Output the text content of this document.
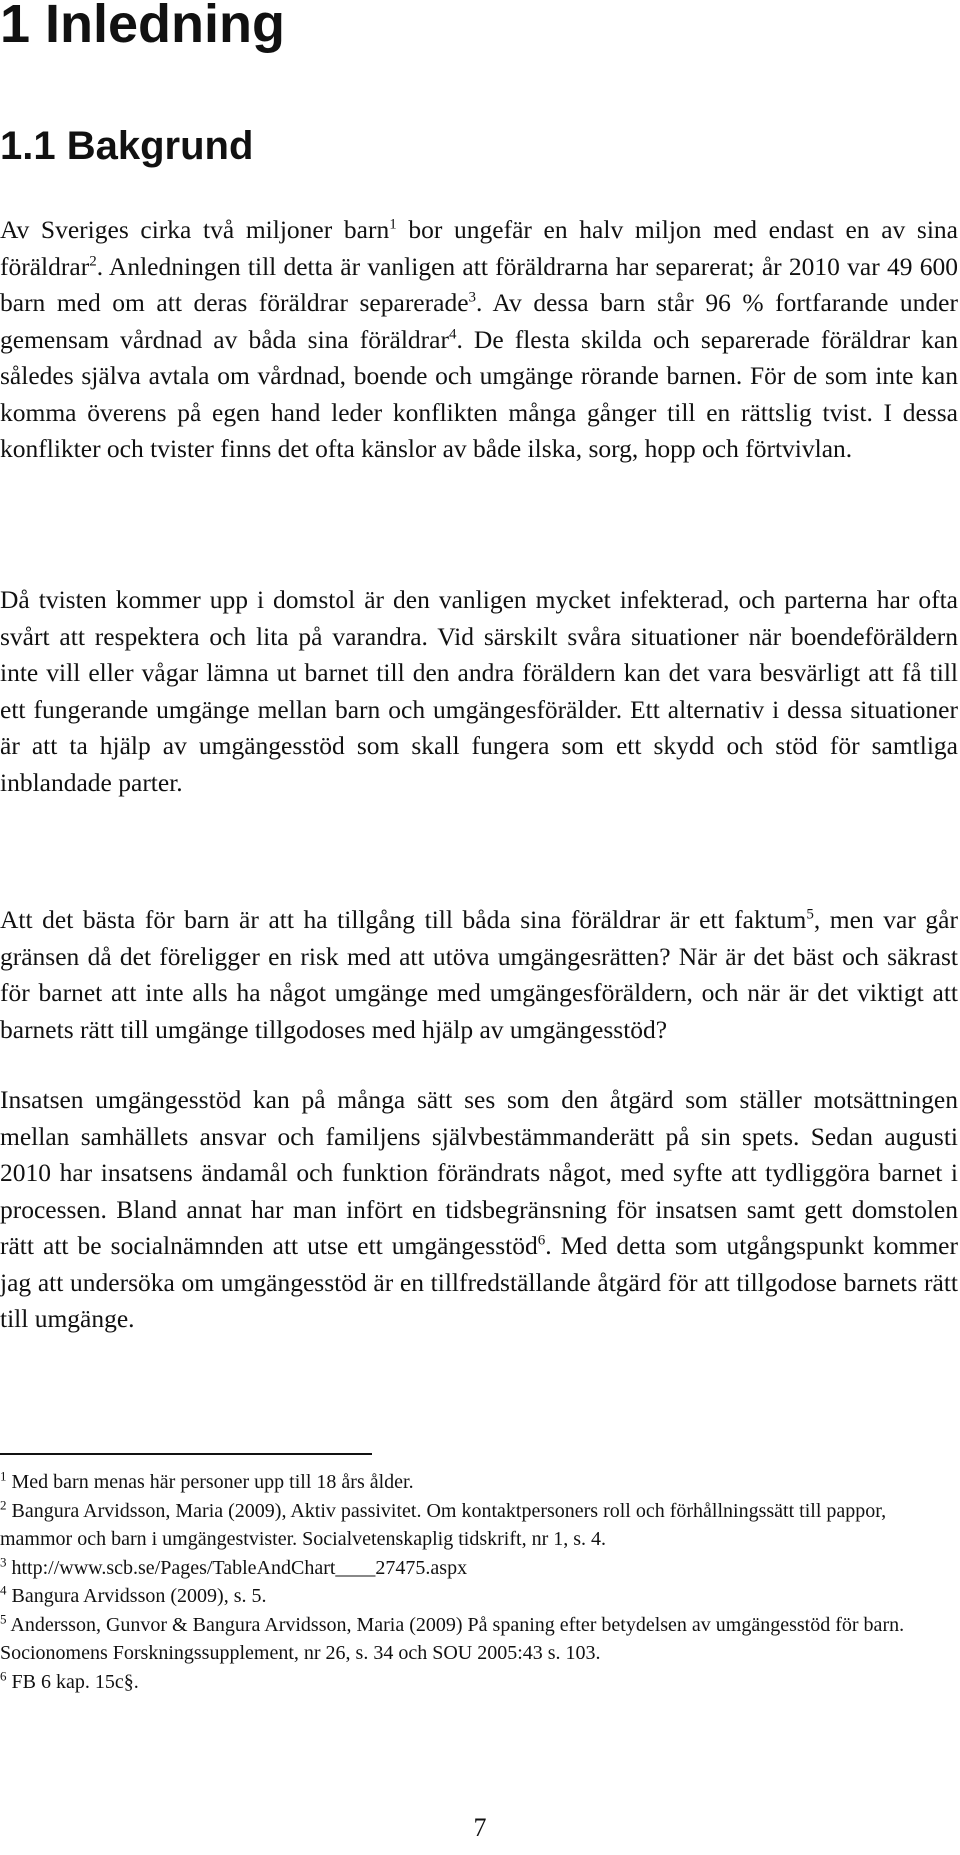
1 Inledning
1.1 Bakgrund

Av Sveriges cirka två miljoner barn$^1$ bor ungefär en halv miljon med endast en av sina föräldrar$^2$. Anledningen till detta är vanligen att föräldrarna har separerat; år 2010 var 49 600 barn med om att deras föräldrar separerade$^3$. Av dessa barn står 96 % fortfarande under gemensam vårdnad av båda sina föräldrar$^4$. De flesta skilda och separerade föräldrar kan således själva avtala om vårdnad, boende och umgänge rörande barnen. För de som inte kan komma överens på egen hand leder konflikten många gånger till en rättslig tvist. I dessa konflikter och tvister finns det ofta känslor av både ilska, sorg, hopp och förtvivlan.

Då tvisten kommer upp i domstol är den vanligen mycket infekterad, och parterna har ofta svårt att respektera och lita på varandra. Vid särskilt svåra situationer när boendeföräldern inte vill eller vågar lämna ut barnet till den andra föräldern kan det vara besvärligt att få till ett fungerande umgänge mellan barn och umgängesförälder. Ett alternativ i dessa situationer är att ta hjälp av umgängesstöd som skall fungera som ett skydd och stöd för samtliga inblandade parter.

Att det bästa för barn är att ha tillgång till båda sina föräldrar är ett faktum$^5$, men var går gränsen då det föreligger en risk med att utöva umgängesrätten? När är det bäst och säkrast för barnet att inte alls ha något umgänge med umgängesföräldern, och när är det viktigt att barnets rätt till umgänge tillgodoses med hjälp av umgängesstöd?

Insatsen umgängesstöd kan på många sätt ses som den åtgärd som ställer motsättningen mellan samhällets ansvar och familjens självbestämmanderätt på sin spets. Sedan augusti 2010 har insatsens ändamål och funktion förändrats något, med syfte att tydliggöra barnet i processen. Bland annat har man infört en tidsbegränsning för insatsen samt gett domstolen rätt att be socialnämnden att utse ett umgängesstöd$^6$. Med detta som utgångspunkt kommer jag att undersöka om umgängesstöd är en tillfredställande åtgärd för att tillgodose barnets rätt till umgänge.

$^1$ Med barn menas här personer upp till 18 års ålder.

$^2$ Bangura Arvidsson, Maria (2009), Aktiv passivitet. Om kontaktpersoners roll och förhållningssätt till pappor, mammor och barn i umgängestvister. Socialvetenskaplig tidskrift, nr 1, s. 4.

$^3$ http://www.scb.se/Pages/TableAndChart____27475.aspx

$^4$ Bangura Arvidsson (2009), s. 5.

$^5$ Andersson, Gunvor & Bangura Arvidsson, Maria (2009) På spaning efter betydelsen av umgängesstöd för barn. Socionomens Forskningssupplement, nr 26, s. 34 och SOU 2005:43 s. 103.

$^6$ FB 6 kap. 15c§.

7
